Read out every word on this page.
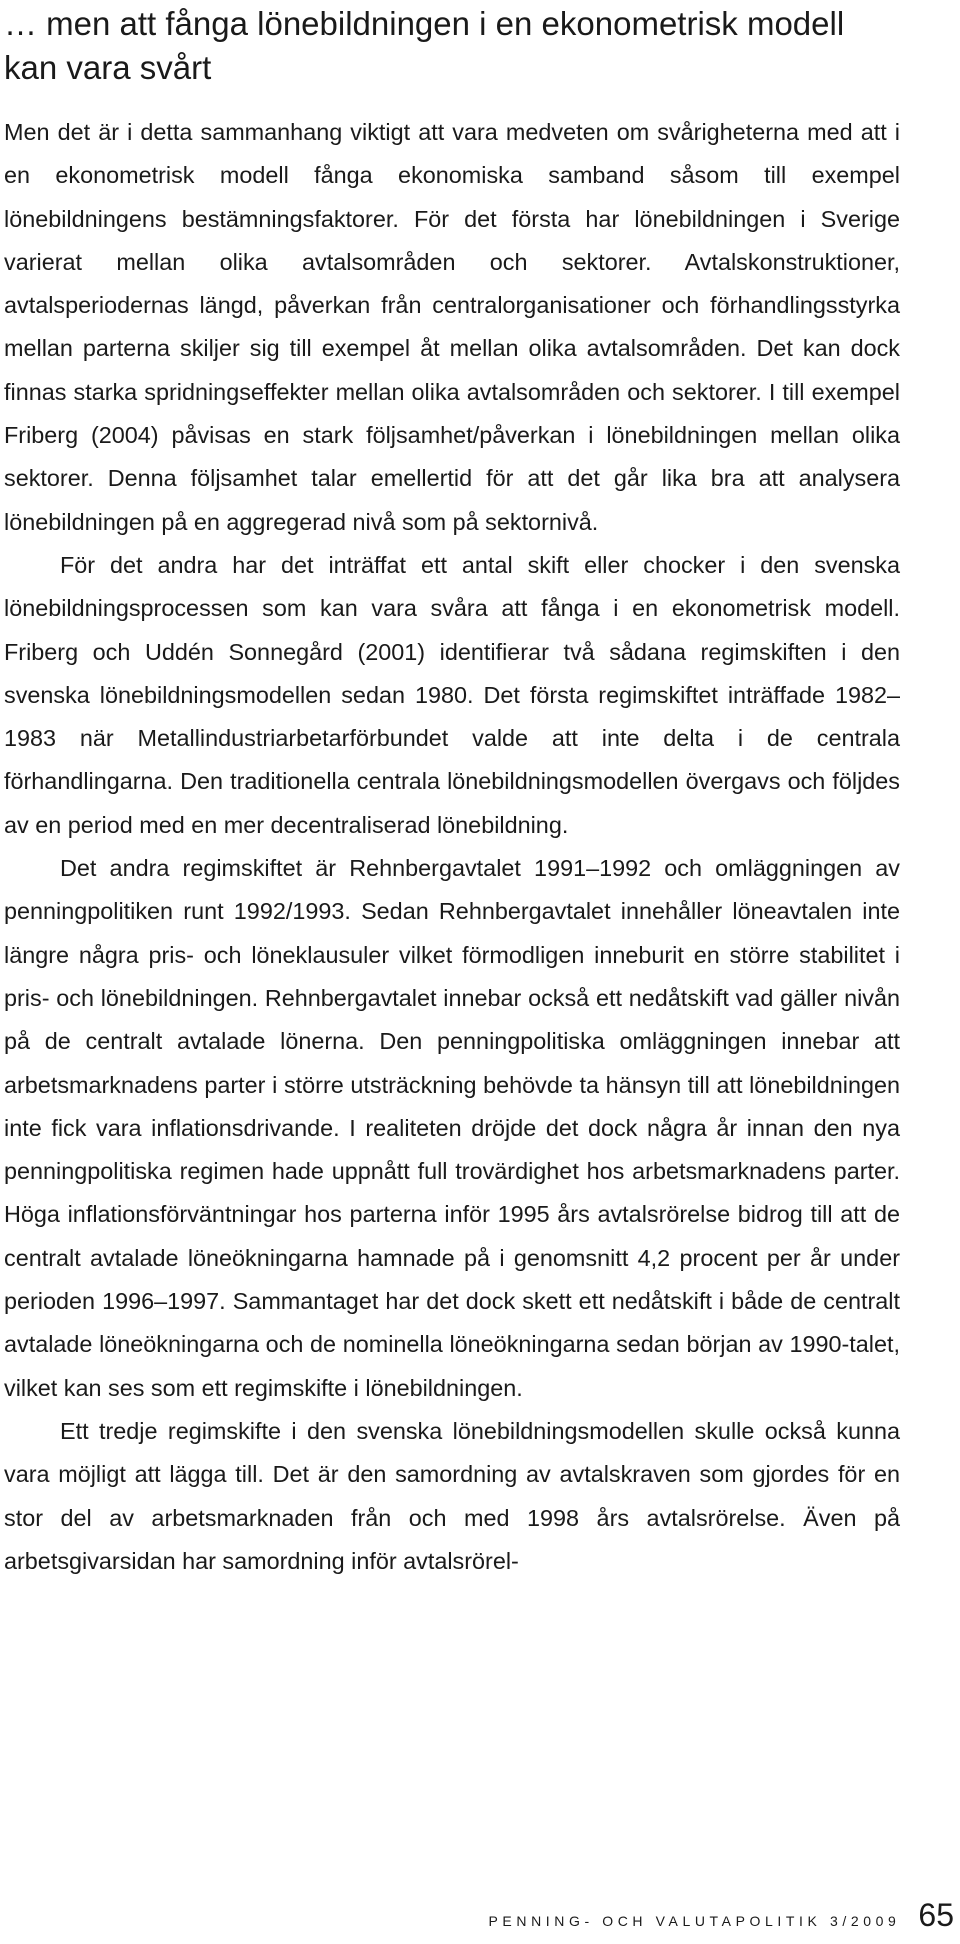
… men att fånga lönebildningen i en ekonometrisk modell kan vara svårt

Men det är i detta sammanhang viktigt att vara medveten om svårigheterna med att i en ekonometrisk modell fånga ekonomiska samband såsom till exempel lönebildningens bestämningsfaktorer. För det första har lönebildningen i Sverige varierat mellan olika avtalsområden och sektorer. Avtalskonstruktioner, avtalsperiodernas längd, påverkan från centralorganisationer och förhandlingsstyrka mellan parterna skiljer sig till exempel åt mellan olika avtalsområden. Det kan dock finnas starka spridningseffekter mellan olika avtalsområden och sektorer. I till exempel Friberg (2004) påvisas en stark följsamhet/påverkan i lönebildningen mellan olika sektorer. Denna följsamhet talar emellertid för att det går lika bra att analysera lönebildningen på en aggregerad nivå som på sektornivå.

För det andra har det inträffat ett antal skift eller chocker i den svenska lönebildningsprocessen som kan vara svåra att fånga i en ekonometrisk modell. Friberg och Uddén Sonnegård (2001) identifierar två sådana regimskiften i den svenska lönebildningsmodellen sedan 1980. Det första regimskiftet inträffade 1982–1983 när Metallindustriarbetarförbundet valde att inte delta i de centrala förhandlingarna. Den traditionella centrala lönebildningsmodellen övergavs och följdes av en period med en mer decentraliserad lönebildning.

Det andra regimskiftet är Rehnbergavtalet 1991–1992 och omläggningen av penningpolitiken runt 1992/1993. Sedan Rehnbergavtalet innehåller löneavtalen inte längre några pris- och löneklausuler vilket förmodligen inneburit en större stabilitet i pris- och lönebildningen. Rehnbergavtalet innebar också ett nedåtskift vad gäller nivån på de centralt avtalade lönerna. Den penningpolitiska omläggningen innebar att arbetsmarknadens parter i större utsträckning behövde ta hänsyn till att lönebildningen inte fick vara inflationsdrivande. I realiteten dröjde det dock några år innan den nya penningpolitiska regimen hade uppnått full trovärdighet hos arbetsmarknadens parter. Höga inflationsförväntningar hos parterna inför 1995 års avtalsrörelse bidrog till att de centralt avtalade löneökningarna hamnade på i genomsnitt 4,2 procent per år under perioden 1996–1997. Sammantaget har det dock skett ett nedåtskift i både de centralt avtalade löneökningarna och de nominella löneökningarna sedan början av 1990-talet, vilket kan ses som ett regimskifte i lönebildningen.

Ett tredje regimskifte i den svenska lönebildningsmodellen skulle också kunna vara möjligt att lägga till. Det är den samordning av avtalskraven som gjordes för en stor del av arbetsmarknaden från och med 1998 års avtalsrörelse. Även på arbetsgivarsidan har samordning inför avtalsrörel-

PENNING- OCH VALUTAPOLITIK 3/2009 65
